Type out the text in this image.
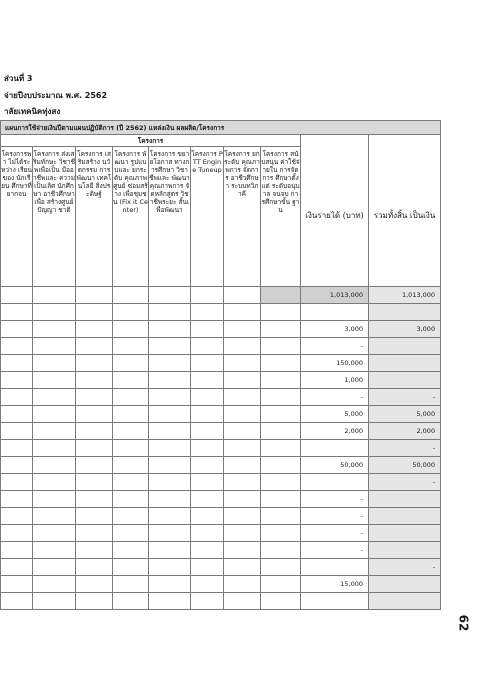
ส่วนที่ 3
จ่ายปีงบประมาณ พ.ศ. 2562
าลัยเทคนิคทุ่งสง
แผนการใช้จ่ายเงินปีตามแผนปฏิบัติการ (ปี 2562) แหล่งเงิน ผลผลิต/โครงการ									
โครงการ									
โครงการพา ไม่ได้ระหว่าง เรียนของ นักเรียน ศึกษาที่ ยากจน	โครงการ ส่งเสริมทักษะ วิชาชีพเพื่อเป็น มืออาชีพและ ความเป็นเลิศ นักศึกษา อาชีวศึกษาเพื่อ สร้างศูนย์ปัญญา ชาติ	โครงการ เสริมสร้าง นวัตกรรม การพัฒนา เทคโนโลยี สิ่งประดิษฐ์	โครงการ พัฒนา รูปแบบและ ยกระดับ คุณภาพศูนย์ ซ่อมสร้าง เพื่อชุมชน (Fix it Center)	โครงการ ขยายโอกาส ทางการศึกษา วิชาชีพและ พัฒนา คุณภาพการ จัดหลักสูตร วิชาชีพระยะ สั้นเพื่อพัฒนา	โครงการ PTT Engine Tuneup	โครงการ ยกระดับ คุณภาพการ จัดการ อาชีวศึกษา ระบบทวิภาคี	โครงการ สนับสนุน ค่าใช้จ่ายใน การจัดการ ศึกษาตั้งแต่ ระดับอนุบาล จนจบ การศึกษาขั้น ฐาน	เงินรายได้ (บาท)	รวมทั้งสิ้น เป็นเงิน
								1,013,000	1,013,000

								3,000	3,000
								-	
								150,000	
								1,000	
								-	-
								5,000	5,000
								2,000	2,000
									-
								50,000	50,000
									-
								-	
								-	
								-	
								-	
									-
								15,000	

62
